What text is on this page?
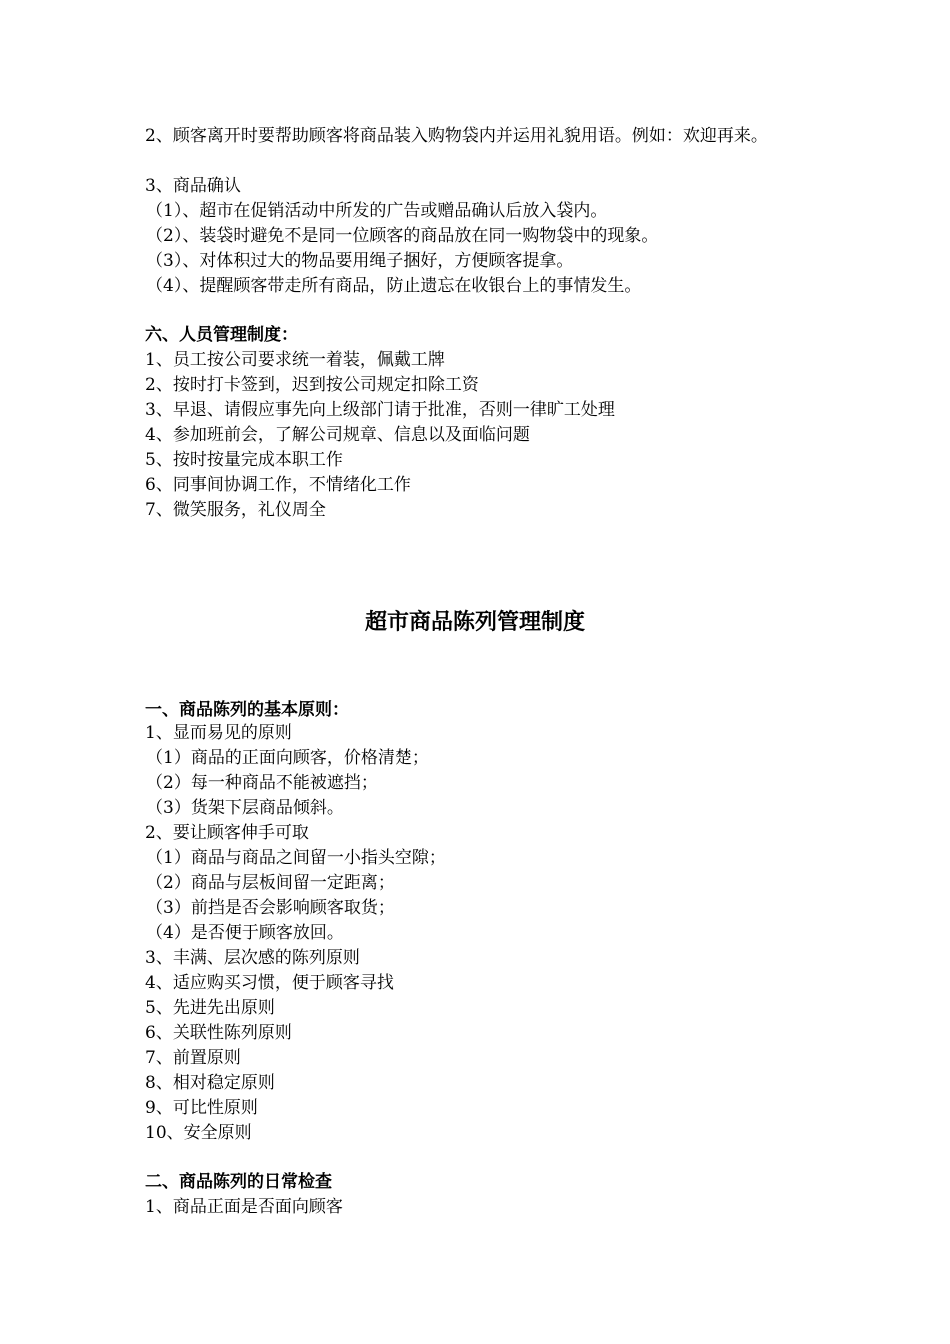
2、顾客离开时要帮助顾客将商品装入购物袋内并运用礼貌用语。例如：欢迎再来。
3、商品确认
（1）、超市在促销活动中所发的广告或赠品确认后放入袋内。
（2）、装袋时避免不是同一位顾客的商品放在同一购物袋中的现象。
（3）、对体积过大的物品要用绳子捆好，方便顾客提拿。
（4）、提醒顾客带走所有商品，防止遗忘在收银台上的事情发生。
六、人员管理制度：
1、员工按公司要求统一着装，佩戴工牌
2、按时打卡签到，迟到按公司规定扣除工资
3、早退、请假应事先向上级部门请于批准，否则一律旷工处理
4、参加班前会，了解公司规章、信息以及面临问题
5、按时按量完成本职工作
6、同事间协调工作，不情绪化工作
7、微笑服务，礼仪周全
超市商品陈列管理制度
一、商品陈列的基本原则：
1、显而易见的原则
（1）商品的正面向顾客，价格清楚；
（2）每一种商品不能被遮挡；
（3）货架下层商品倾斜。
2、要让顾客伸手可取
（1）商品与商品之间留一小指头空隙；
（2）商品与层板间留一定距离；
（3）前挡是否会影响顾客取货；
（4）是否便于顾客放回。
3、丰满、层次感的陈列原则
4、适应购买习惯，便于顾客寻找
5、先进先出原则
6、关联性陈列原则
7、前置原则
8、相对稳定原则
9、可比性原则
10、安全原则
二、商品陈列的日常检查
1、商品正面是否面向顾客
